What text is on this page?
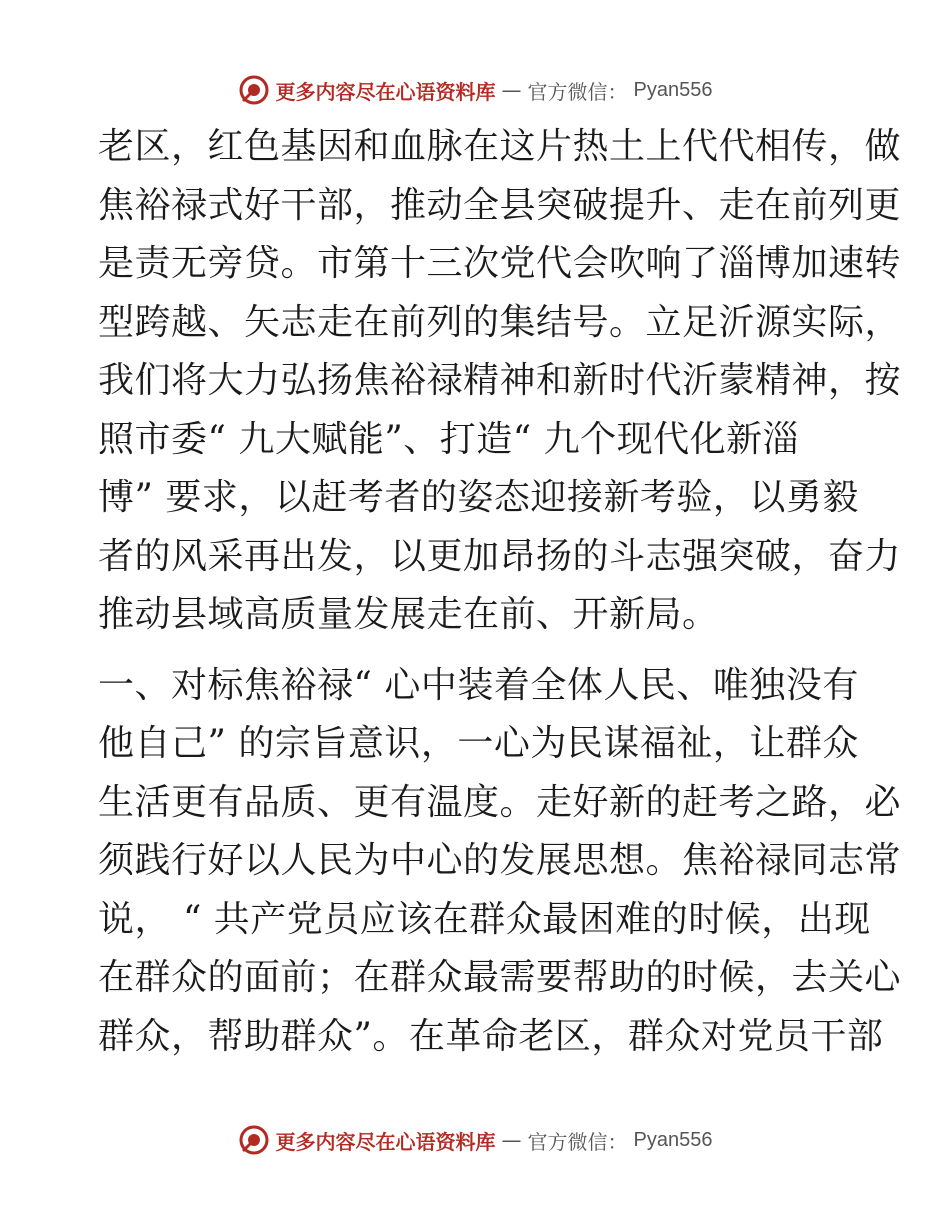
更多内容尽在心语资料库 — 官方微信： Pyan556
老区，红色基因和血脉在这片热土上代代相传，做
焦裕禄式好干部，推动全县突破提升、走在前列更
是责无旁贷。市第十三次党代会吹响了淄博加速转
型跨越、矢志走在前列的集结号。立足沂源实际，
我们将大力弘扬焦裕禄精神和新时代沂蒙精神，按
照市委“ 九大赋能”、打造“ 九个现代化新淄
博” 要求，以赶考者的姿态迎接新考验，以勇毅
者的风采再出发，以更加昂扬的斗志强突破，奋力
推动县域高质量发展走在前、开新局。
一、对标焦裕禄“ 心中装着全体人民、唯独没有
他自己” 的宗旨意识，一心为民谋福祉，让群众
生活更有品质、更有温度。走好新的赶考之路，必
须践行好以人民为中心的发展思想。焦裕禄同志常
说， “ 共产党员应该在群众最困难的时候，出现
在群众的面前；在群众最需要帮助的时候，去关心
群众，帮助群众”。在革命老区，群众对党员干部
更多内容尽在心语资料库 — 官方微信： Pyan556
